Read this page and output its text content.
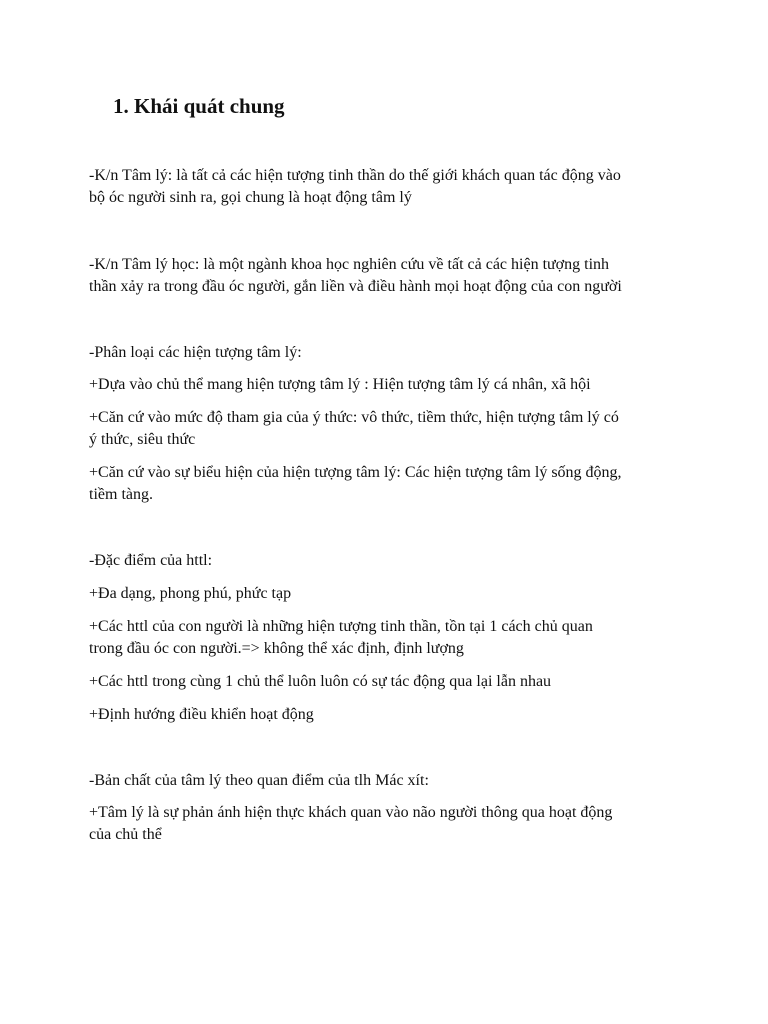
1. Khái quát chung

-K/n Tâm lý: là tất cả các hiện tượng tinh thần do thế giới khách quan tác động vào
bộ óc người sinh ra, gọi chung là hoạt động tâm lý

-K/n Tâm lý học: là một ngành khoa học nghiên cứu về tất cả các hiện tượng tinh
thần xảy ra trong đầu óc người, gắn liền và điều hành mọi hoạt động của con người

-Phân loại các hiện tượng tâm lý:

+Dựa vào chủ thể mang hiện tượng tâm lý : Hiện tượng tâm lý cá nhân, xã hội

+Căn cứ vào mức độ tham gia của ý thức: vô thức, tiềm thức, hiện tượng tâm lý có
ý thức, siêu thức

+Căn cứ vào sự biểu hiện của hiện tượng tâm lý: Các hiện tượng tâm lý sống động,
tiềm tàng.

-Đặc điểm của httl:

+Đa dạng, phong phú, phức tạp

+Các httl của con người là những hiện tượng tinh thần, tồn tại 1 cách chủ quan
trong đầu óc con người.=> không thể xác định, định lượng

+Các httl trong cùng 1 chủ thể luôn luôn có sự tác động qua lại lẫn nhau

+Định hướng điều khiển hoạt động

-Bản chất của tâm lý theo quan điểm của tlh Mác xít:

+Tâm lý là sự phản ánh hiện thực khách quan vào não người thông qua hoạt động
của chủ thể
